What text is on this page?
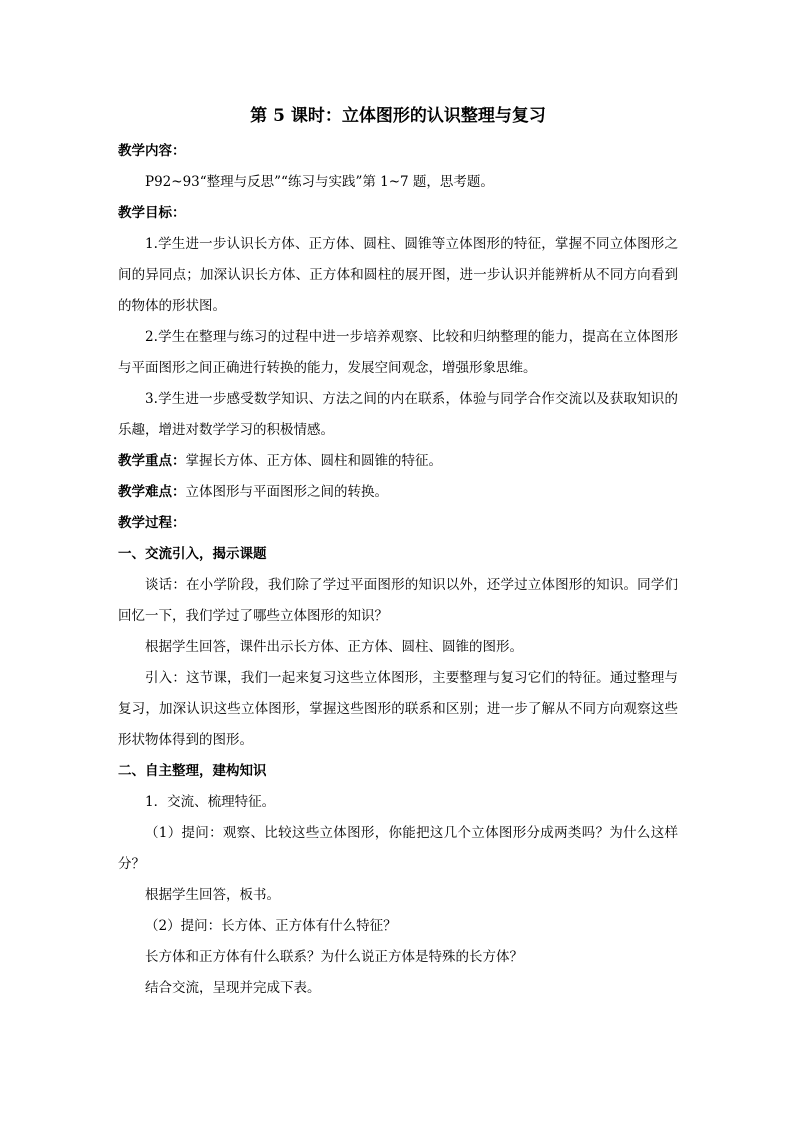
第 5 课时：立体图形的认识整理与复习

教学内容：

P92~93“整理与反思”“练习与实践”第 1~7 题，思考题。

教学目标：

1.学生进一步认识长方体、正方体、圆柱、圆锥等立体图形的特征，掌握不同立体图形之间的异同点；加深认识长方体、正方体和圆柱的展开图，进一步认识并能辨析从不同方向看到的物体的形状图。

2.学生在整理与练习的过程中进一步培养观察、比较和归纳整理的能力，提高在立体图形与平面图形之间正确进行转换的能力，发展空间观念，增强形象思维。

3.学生进一步感受数学知识、方法之间的内在联系，体验与同学合作交流以及获取知识的乐趣，增进对数学学习的积极情感。

教学重点：掌握长方体、正方体、圆柱和圆锥的特征。

教学难点：立体图形与平面图形之间的转换。

教学过程：

一、交流引入，揭示课题

谈话：在小学阶段，我们除了学过平面图形的知识以外，还学过立体图形的知识。同学们回忆一下，我们学过了哪些立体图形的知识？

根据学生回答，课件出示长方体、正方体、圆柱、圆锥的图形。

引入：这节课，我们一起来复习这些立体图形，主要整理与复习它们的特征。通过整理与复习，加深认识这些立体图形，掌握这些图形的联系和区别；进一步了解从不同方向观察这些形状物体得到的图形。

二、自主整理，建构知识

1．交流、梳理特征。

（1）提问：观察、比较这些立体图形，你能把这几个立体图形分成两类吗？为什么这样分？

根据学生回答，板书。

（2）提问：长方体、正方体有什么特征？

长方体和正方体有什么联系？为什么说正方体是特殊的长方体？

结合交流，呈现并完成下表。
